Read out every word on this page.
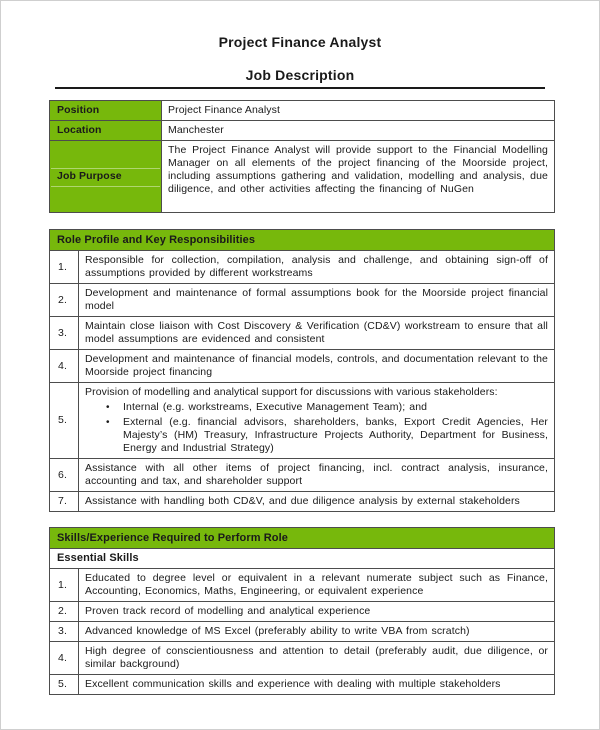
Project Finance Analyst
Job Description
Position	Project Finance Analyst
Location	Manchester
Job Purpose	The Project Finance Analyst will provide support to the Financial Modelling Manager on all elements of the project financing of the Moorside project, including assumptions gathering and validation, modelling and analysis, due diligence, and other activities affecting the financing of NuGen
Role Profile and Key Responsibilities	
1.	Responsible for collection, compilation, analysis and challenge, and obtaining sign-off of assumptions provided by different workstreams
2.	Development and maintenance of formal assumptions book for the Moorside project financial model
3.	Maintain close liaison with Cost Discovery & Verification (CD&V) workstream to ensure that all model assumptions are evidenced and consistent
4.	Development and maintenance of financial models, controls, and documentation relevant to the Moorside project financing
5.	Provision of modelling and analytical support for discussions with various stakeholders:
• Internal (e.g. workstreams, Executive Management Team); and
• External (e.g. financial advisors, shareholders, banks, Export Credit Agencies, Her Majesty’s (HM) Treasury, Infrastructure Projects Authority, Department for Business, Energy and Industrial Strategy)

6.	Assistance with all other items of project financing, incl. contract analysis, insurance, accounting and tax, and shareholder support
7.	Assistance with handling both CD&V, and due diligence analysis by external stakeholders
Skills/Experience Required to Perform Role	
Essential Skills	
1.	Educated to degree level or equivalent in a relevant numerate subject such as Finance, Accounting, Economics, Maths, Engineering, or equivalent experience
2.	Proven track record of modelling and analytical experience
3.	Advanced knowledge of MS Excel (preferably ability to write VBA from scratch)
4.	High degree of conscientiousness and attention to detail (preferably audit, due diligence, or similar background)
5.	Excellent communication skills and experience with dealing with multiple stakeholders
